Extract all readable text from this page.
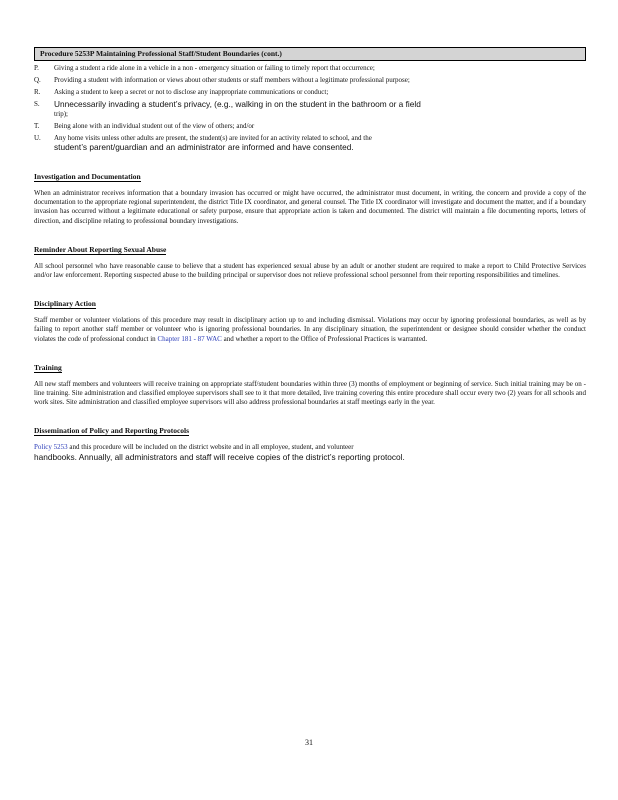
Procedure 5253P Maintaining Professional Staff/Student Boundaries (cont.)
P.	Giving a student a ride alone in a vehicle in a non - emergency situation or failing to timely report that occurrence;
Q.	Providing a student with information or views about other students or staff members without a legitimate professional purpose;
R.	Asking a student to keep a secret or not to disclose any inappropriate communications or conduct;
S.	Unnecessarily invading a student’s privacy, (e.g., walking in on the student in the bathroom or a field
trip);
T.	Being alone with an individual student out of the view of others; and/or
U.	Any home visits unless other adults are present, the student(s) are invited for an activity related to school, and the
student’s parent/guardian and an administrator are informed and have consented.
Investigation and Documentation
When an administrator receives information that a boundary invasion has occurred or might have occurred, the administrator must document, in writing, the concern and provide a copy of the documentation to the appropriate regional superintendent, the district Title IX coordinator, and general counsel. The Title IX coordinator will investigate and document the matter, and if a boundary invasion has occurred without a legitimate educational or safety purpose, ensure that appropriate action is taken and documented. The district will maintain a file documenting reports, letters of direction, and discipline relating to professional boundary investigations.
Reminder About Reporting Sexual Abuse
All school personnel who have reasonable cause to believe that a student has experienced sexual abuse by an adult or another student are required to make a report to Child Protective Services and/or law enforcement. Reporting suspected abuse to the building principal or supervisor does not relieve professional school personnel from their reporting responsibilities and timelines.
Disciplinary Action
Staff member or volunteer violations of this procedure may result in disciplinary action up to and including dismissal. Violations may occur by ignoring professional boundaries, as well as by failing to report another staff member or volunteer who is ignoring professional boundaries. In any disciplinary situation, the superintendent or designee should consider whether the conduct violates the code of professional conduct in Chapter 181 - 87 WAC and whether a report to the Office of Professional Practices is warranted.
Training
All new staff members and volunteers will receive training on appropriate staff/student boundaries within three (3) months of employment or beginning of service. Such initial training may be on - line training. Site administration and classified employee supervisors shall see to it that more detailed, live training covering this entire procedure shall occur every two (2) years for all schools and work sites. Site administration and classified employee supervisors will also address professional boundaries at staff meetings early in the year.
Dissemination of Policy and Reporting Protocols
Policy 5253 and this procedure will be included on the district website and in all employee, student, and volunteer
handbooks. Annually, all administrators and staff will receive copies of the district’s reporting protocol.
31
